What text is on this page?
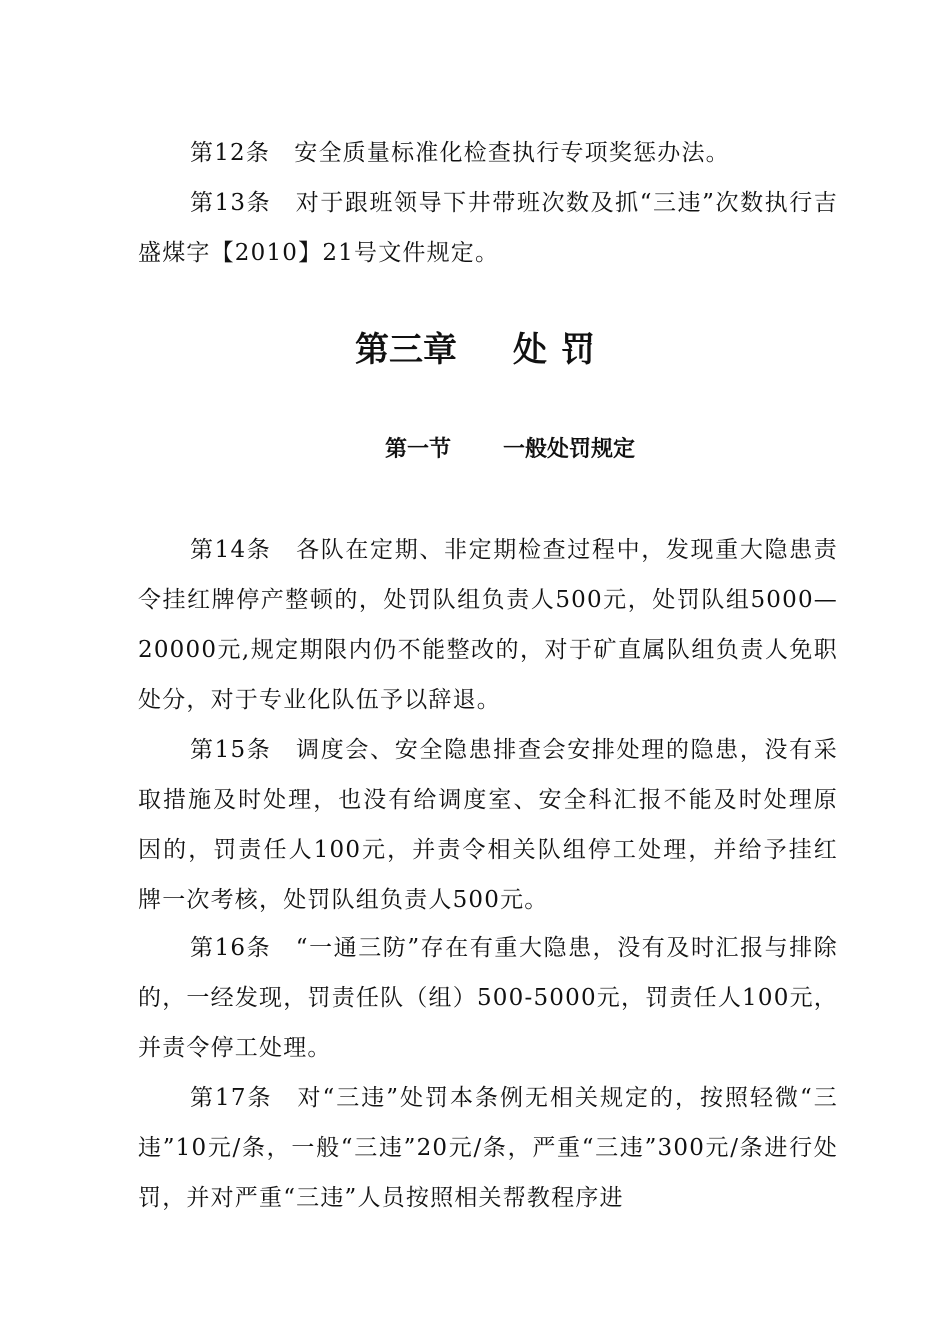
第12条　安全质量标准化检查执行专项奖惩办法。

第13条　对于跟班领导下井带班次数及抓“三违”次数执行吉盛煤字【2010】21号文件规定。

第三章 处 罚
第一节 一般处罚规定

第14条　各队在定期、非定期检查过程中，发现重大隐患责令挂红牌停产整顿的，处罚队组负责人500元，处罚队组5000—20000元,规定期限内仍不能整改的，对于矿直属队组负责人免职处分，对于专业化队伍予以辞退。

第15条　调度会、安全隐患排查会安排处理的隐患，没有采取措施及时处理，也没有给调度室、安全科汇报不能及时处理原因的，罚责任人100元，并责令相关队组停工处理，并给予挂红牌一次考核，处罚队组负责人500元。

第16条　“一通三防”存在有重大隐患，没有及时汇报与排除的，一经发现，罚责任队（组）500-5000元，罚责任人100元，并责令停工处理。

第17条　对“三违”处罚本条例无相关规定的，按照轻微“三违”10元/条，一般“三违”20元/条，严重“三违”300元/条进行处罚，并对严重“三违”人员按照相关帮教程序进
